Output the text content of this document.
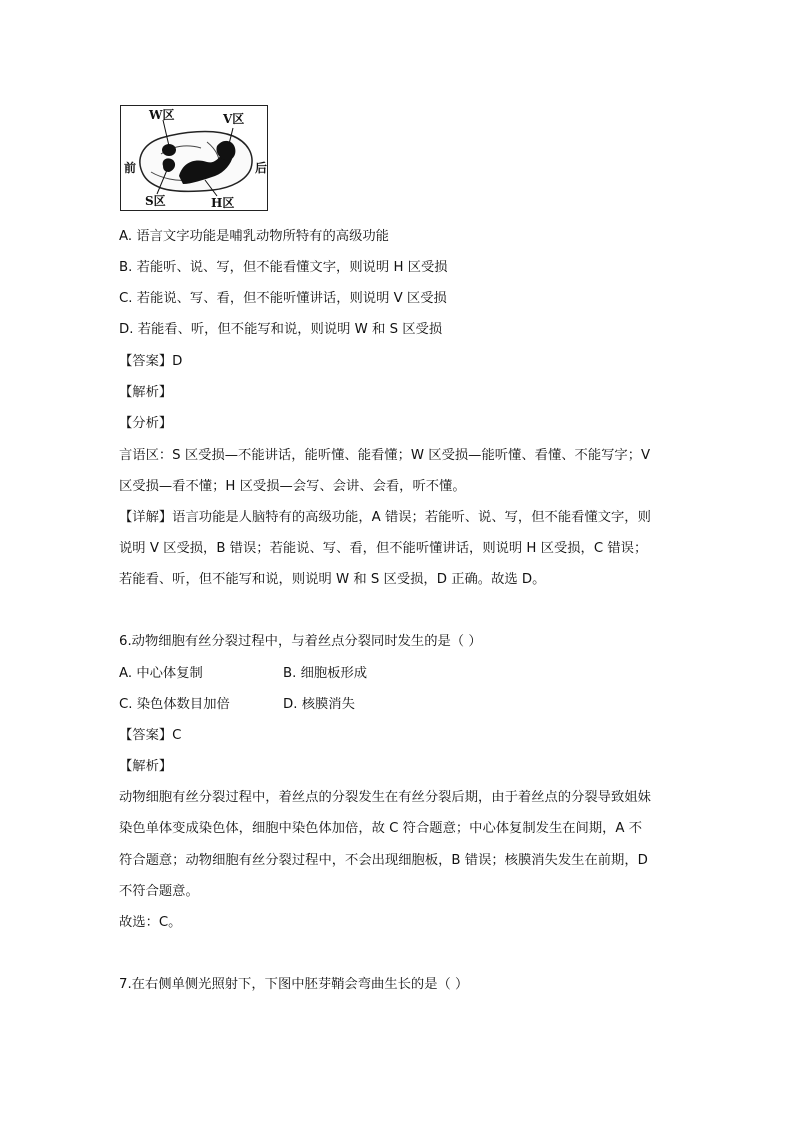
W区	V区
前	后
S区	H区
A. 语言文字功能是哺乳动物所特有的高级功能
B. 若能听、说、写，但不能看懂文字，则说明 H 区受损
C. 若能说、写、看，但不能听懂讲话，则说明 V 区受损
D. 若能看、听，但不能写和说，则说明 W 和 S 区受损
【答案】D
【解析】
【分析】
言语区：S 区受损—不能讲话，能听懂、能看懂；W 区受损—能听懂、看懂、不能写字；V
区受损—看不懂；H 区受损—会写、会讲、会看，听不懂。
【详解】语言功能是人脑特有的高级功能，A 错误；若能听、说、写，但不能看懂文字，则
说明 V 区受损，B 错误；若能说、写、看，但不能听懂讲话，则说明 H 区受损，C 错误；
若能看、听，但不能写和说，则说明 W 和 S 区受损，D 正确。故选 D。
6.动物细胞有丝分裂过程中，与着丝点分裂同时发生的是（ ）
A. 中心体复制	B. 细胞板形成
C. 染色体数目加倍	D. 核膜消失
【答案】C
【解析】
动物细胞有丝分裂过程中，着丝点的分裂发生在有丝分裂后期，由于着丝点的分裂导致姐妹
染色单体变成染色体，细胞中染色体加倍，故 C 符合题意；中心体复制发生在间期，A 不
符合题意；动物细胞有丝分裂过程中，不会出现细胞板，B 错误；核膜消失发生在前期，D
不符合题意。
故选：C。
7.在右侧单侧光照射下，下图中胚芽鞘会弯曲生长的是（ ）
